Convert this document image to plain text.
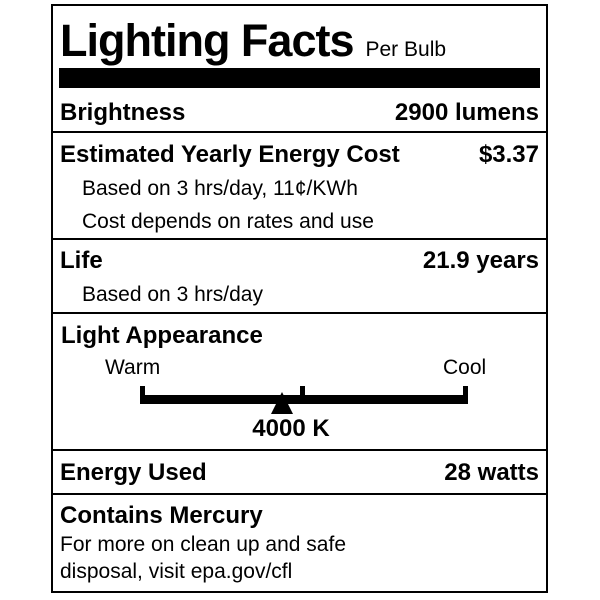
Lighting Facts Per Bulb
Brightness	2900 lumens
Estimated Yearly Energy Cost	$3.37
Based on 3 hrs/day, 11¢/KWh
Cost depends on rates and use
Life	21.9 years
Based on 3 hrs/day
Light Appearance
Warm	Cool
4000 K
Energy Used	28 watts
Contains Mercury
For more on clean up and safe
disposal, visit epa.gov/cfl
